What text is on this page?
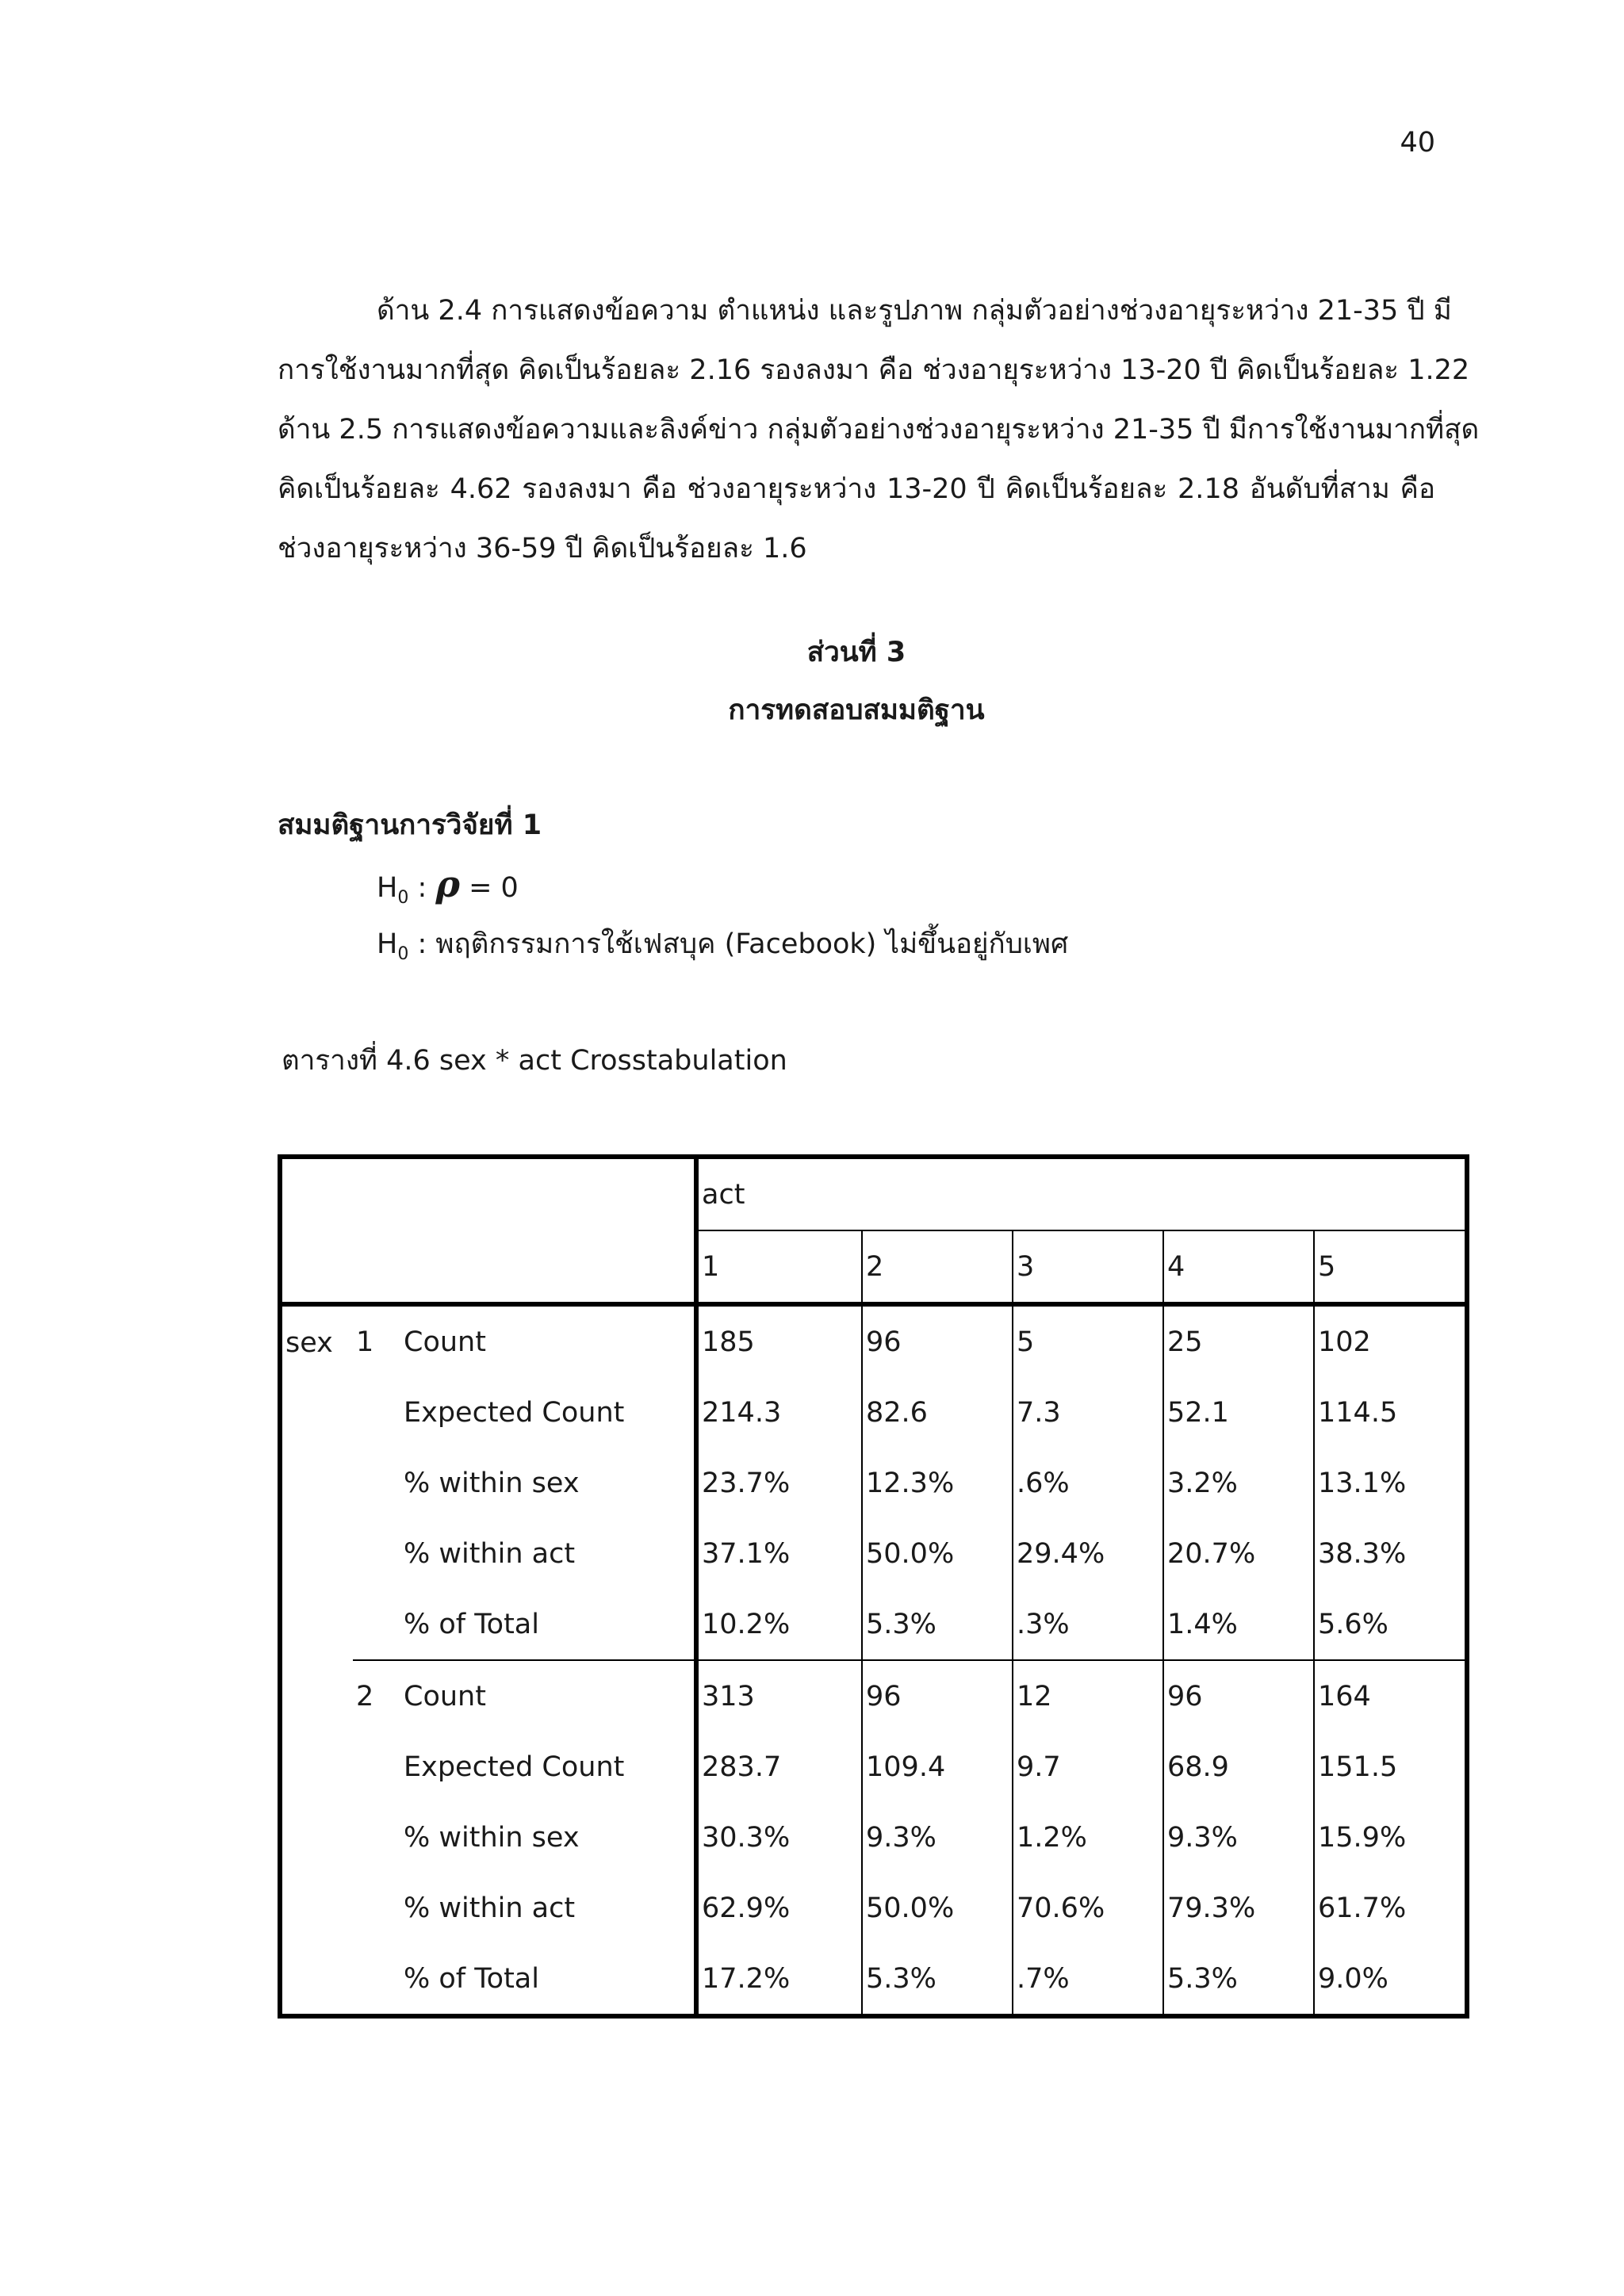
40
ด้าน 2.4 การแสดงข้อความ ตำแหน่ง และรูปภาพ กลุ่มตัวอย่างช่วงอายุระหว่าง 21-35 ปี มี
การใช้งานมากที่สุด คิดเป็นร้อยละ 2.16 รองลงมา คือ ช่วงอายุระหว่าง 13-20 ปี คิดเป็นร้อยละ 1.22
ด้าน 2.5 การแสดงข้อความและลิงค์ข่าว กลุ่มตัวอย่างช่วงอายุระหว่าง 21-35 ปี มีการใช้งานมากที่สุด
คิดเป็นร้อยละ 4.62 รองลงมา คือ ช่วงอายุระหว่าง 13-20 ปี คิดเป็นร้อยละ 2.18 อันดับที่สาม คือ
ช่วงอายุระหว่าง 36-59 ปี คิดเป็นร้อยละ 1.6
ส่วนที่ 3
การทดสอบสมมติฐาน
สมมติฐานการวิจัยที่ 1
$H_0$ : ρ = 0
$H_0$ : พฤติกรรมการใช้เฟสบุค (Facebook) ไม่ขึ้นอยู่กับเพศ
ตารางที่ 4.6 sex * act Crosstabulation
			act				
			1	2	3	4	5
sex	1	Count	185	96	5	25	102
		Expected Count	214.3	82.6	7.3	52.1	114.5
		% within sex	23.7%	12.3%	.6%	3.2%	13.1%
		% within act	37.1%	50.0%	29.4%	20.7%	38.3%
		% of Total	10.2%	5.3%	.3%	1.4%	5.6%
	2	Count	313	96	12	96	164
		Expected Count	283.7	109.4	9.7	68.9	151.5
		% within sex	30.3%	9.3%	1.2%	9.3%	15.9%
		% within act	62.9%	50.0%	70.6%	79.3%	61.7%
		% of Total	17.2%	5.3%	.7%	5.3%	9.0%
